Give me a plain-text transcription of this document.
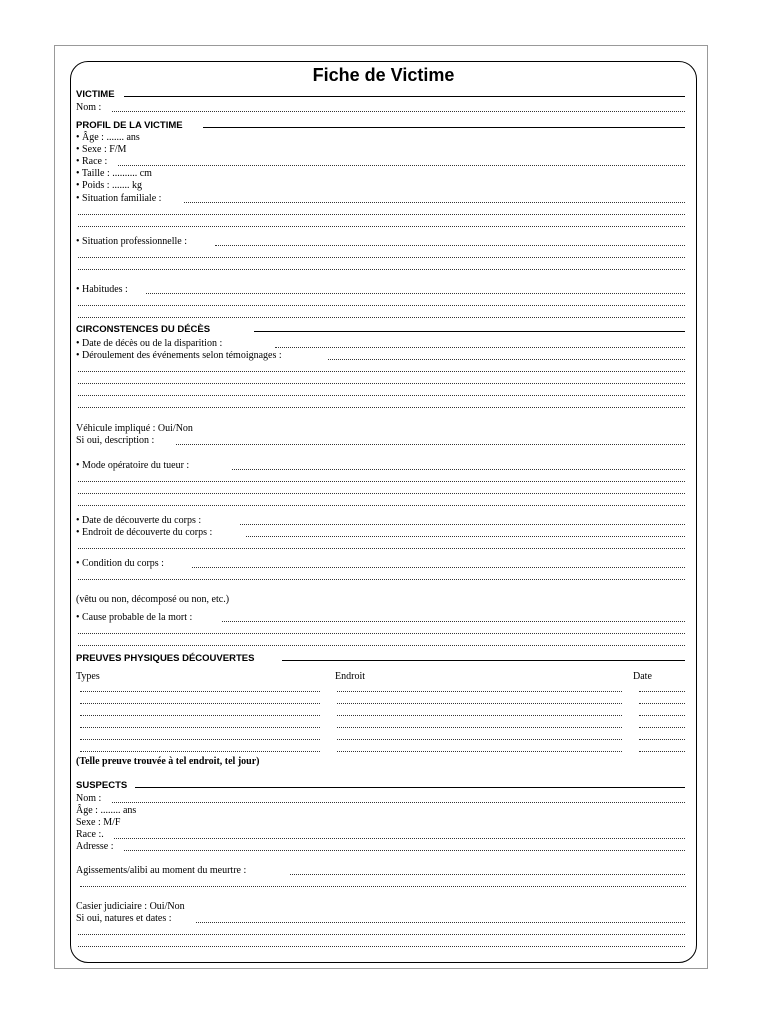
Fiche de Victime
VICTIME
Nom :
PROFIL DE LA VICTIME
• Âge : ....... ans
• Sexe : F/M
• Race :
• Taille : .......... cm
• Poids : ....... kg
• Situation familiale :
• Situation professionnelle :
• Habitudes :
CIRCONSTENCES DU DÉCÈS
• Date de décès ou de la disparition :
• Déroulement des événements selon témoignages :
Véhicule impliqué : Oui/Non
Si oui, description :
• Mode opératoire du tueur :
• Date de découverte du corps :
• Endroit de découverte du corps :
• Condition du corps :
(vêtu ou non, décomposé ou non, etc.)
• Cause probable de la mort :
PREUVES PHYSIQUES DÉCOUVERTES
Types	Endroit	Date
(Telle preuve trouvée à tel endroit, tel jour)
SUSPECTS
Nom :
Âge : ........ ans
Sexe : M/F
Race :.
Adresse :
Agissements/alibi au moment du meurtre :
Casier judiciaire : Oui/Non
Si oui, natures et dates :
